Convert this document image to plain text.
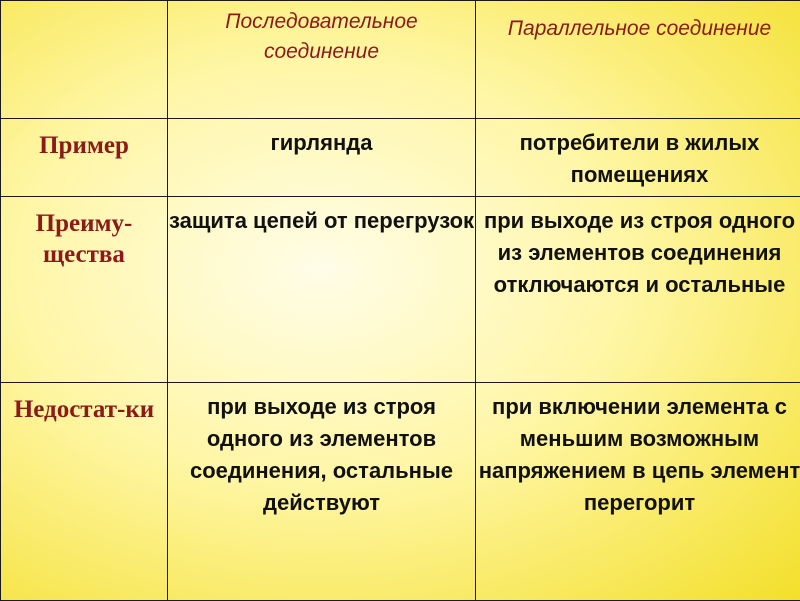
	Последовательное соединение	Параллельное соединение
Пример	гирлянда	потребители в жилых помещениях
Преиму-щества	защита цепей от перегрузок	при выходе из строя одного из элементов соединения отключаются и остальные
Недостат-ки	при выходе из строя одного из элементов соединения, остальные действуют	при включении элемента с меньшим возможным напряжением в цепь элемент перегорит
